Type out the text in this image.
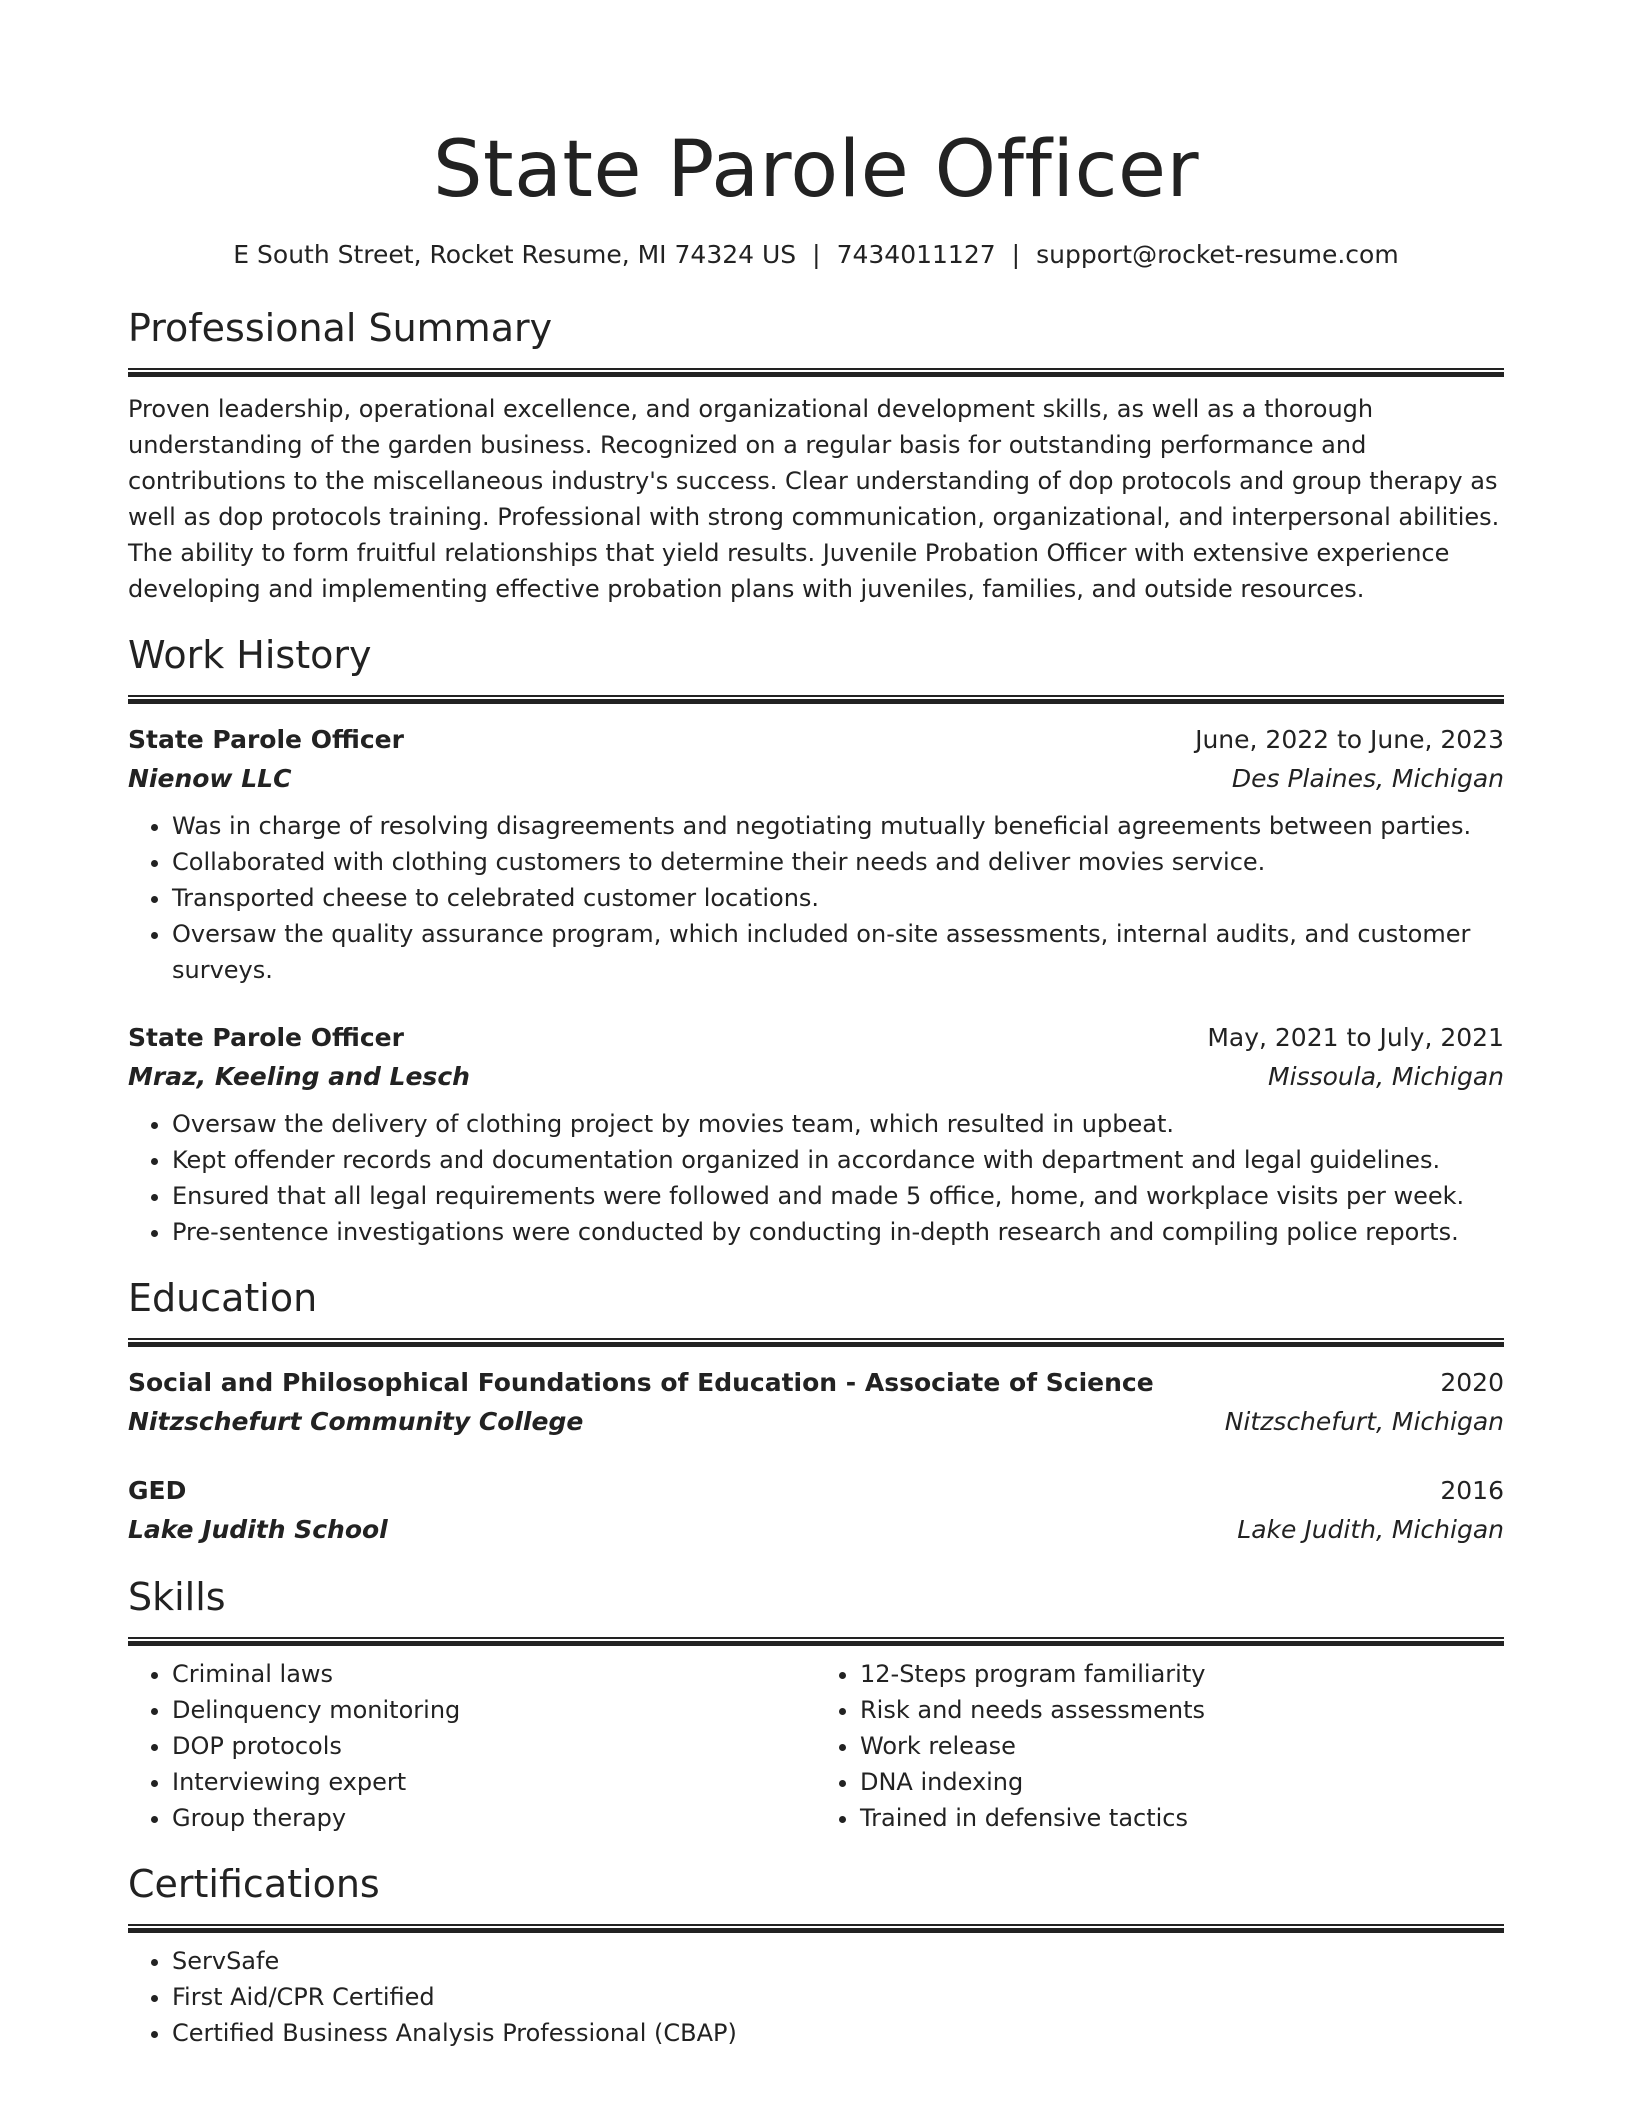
State Parole Officer
E South Street, Rocket Resume, MI 74324 US | 7434011127 | support@rocket-resume.com
Professional Summary

Proven leadership, operational excellence, and organizational development skills, as well as a thorough understanding of the garden business. Recognized on a regular basis for outstanding performance and contributions to the miscellaneous industry's success. Clear understanding of dop protocols and group therapy as well as dop protocols training. Professional with strong communication, organizational, and interpersonal abilities. The ability to form fruitful relationships that yield results. Juvenile Probation Officer with extensive experience developing and implementing effective probation plans with juveniles, families, and outside resources.

Work History
State Parole Officer	June, 2022 to June, 2023
Nienow LLC	Des Plaines, Michigan
• Was in charge of resolving disagreements and negotiating mutually beneficial agreements between parties.
• Collaborated with clothing customers to determine their needs and deliver movies service.
• Transported cheese to celebrated customer locations.
• Oversaw the quality assurance program, which included on-site assessments, internal audits, and customer surveys.
State Parole Officer	May, 2021 to July, 2021
Mraz, Keeling and Lesch	Missoula, Michigan
• Oversaw the delivery of clothing project by movies team, which resulted in upbeat.
• Kept offender records and documentation organized in accordance with department and legal guidelines.
• Ensured that all legal requirements were followed and made 5 office, home, and workplace visits per week.
• Pre-sentence investigations were conducted by conducting in-depth research and compiling police reports.
Education
Social and Philosophical Foundations of Education - Associate of Science	2020
Nitzschefurt Community College	Nitzschefurt, Michigan
GED	2016
Lake Judith School	Lake Judith, Michigan
Skills
• Criminal laws
• Delinquency monitoring
• DOP protocols
• Interviewing expert
• Group therapy
• 12-Steps program familiarity
• Risk and needs assessments
• Work release
• DNA indexing
• Trained in defensive tactics
Certifications
• ServSafe
• First Aid/CPR Certified
• Certified Business Analysis Professional (CBAP)
